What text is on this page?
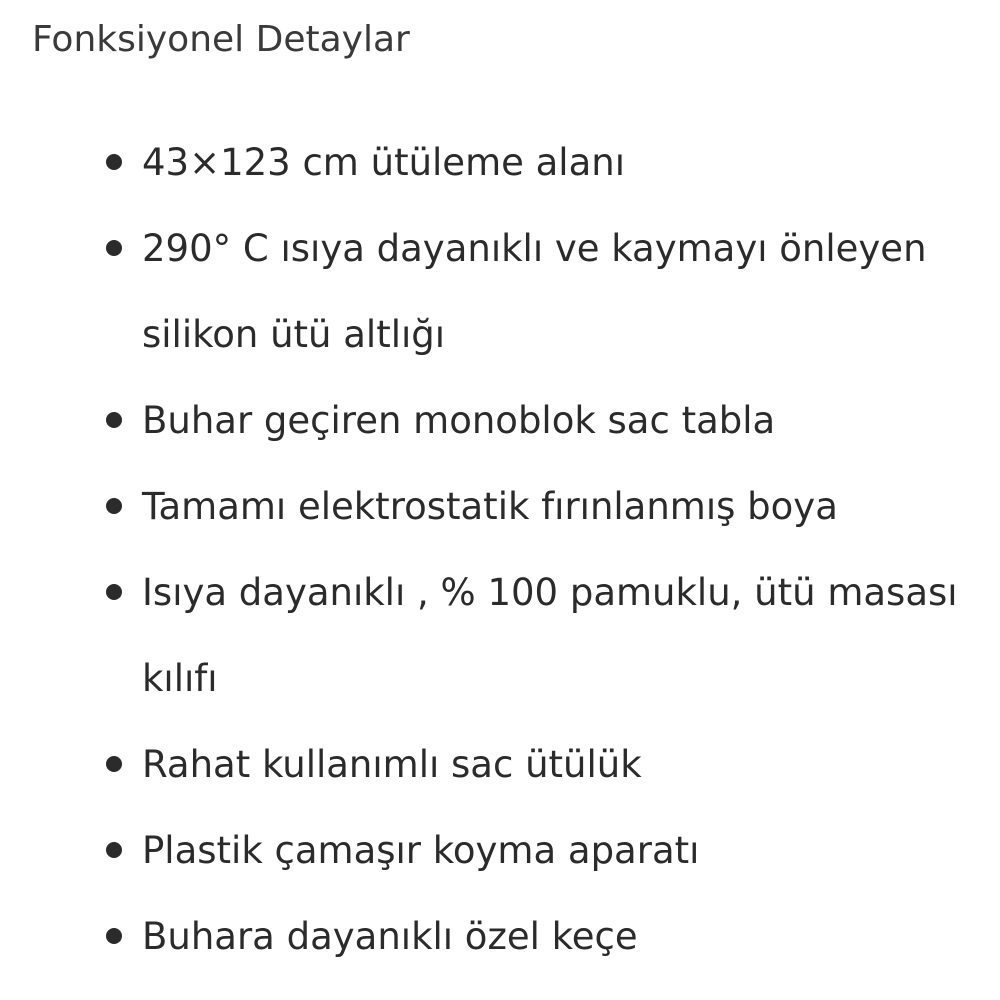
Fonksiyonel Detaylar
43×123 cm ütüleme alanı
290° C ısıya dayanıklı ve kaymayı önleyen silikon ütü altlığı
Buhar geçiren monoblok sac tabla
Tamamı elektrostatik fırınlanmış boya
Isıya dayanıklı , % 100 pamuklu, ütü masası kılıfı
Rahat kullanımlı sac ütülük
Plastik çamaşır koyma aparatı
Buhara dayanıklı özel keçe
